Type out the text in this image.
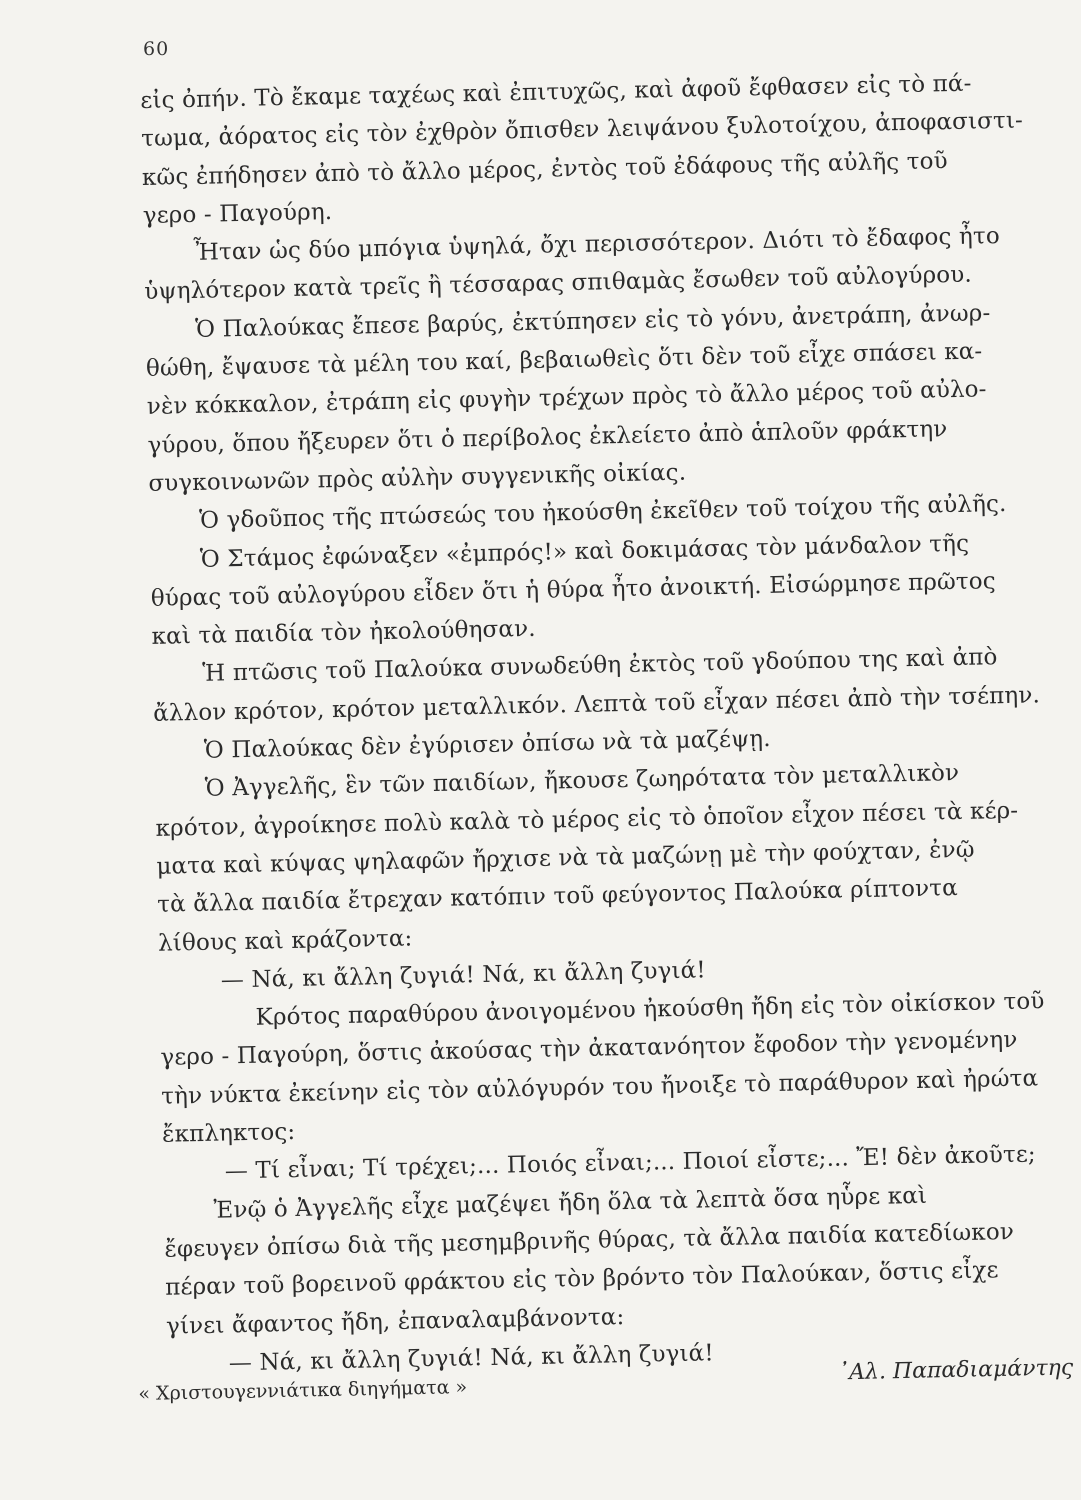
60
εἰς ὀπήν. Τὸ ἔκαμε ταχέως καὶ ἐπιτυχῶς, καὶ ἀφοῦ ἔφθασεν εἰς τὸ πά-
τωμα, ἀόρατος εἰς τὸν ἐχθρὸν ὄπισθεν λειψάνου ξυλοτοίχου, ἀποφασιστι-
κῶς ἐπήδησεν ἀπὸ τὸ ἄλλο μέρος, ἐντὸς τοῦ ἐδάφους τῆς αὐλῆς τοῦ
γερο - Παγούρη.
Ἦταν ὡς δύο μπόγια ὑψηλά, ὄχι περισσότερον. Διότι τὸ ἔδαφος ἦτο
ὑψηλότερον κατὰ τρεῖς ἢ τέσσαρας σπιθαμὰς ἔσωθεν τοῦ αὐλογύρου.
Ὁ Παλούκας ἔπεσε βαρύς, ἐκτύπησεν εἰς τὸ γόνυ, ἀνετράπη, ἀνωρ-
θώθη, ἔψαυσε τὰ μέλη του καί, βεβαιωθεὶς ὅτι δὲν τοῦ εἶχε σπάσει κα-
νὲν κόκκαλον, ἐτράπη εἰς φυγὴν τρέχων πρὸς τὸ ἄλλο μέρος τοῦ αὐλο-
γύρου, ὅπου ἤξευρεν ὅτι ὁ περίβολος ἐκλείετο ἀπὸ ἁπλοῦν φράκτην
συγκοινωνῶν πρὸς αὐλὴν συγγενικῆς οἰκίας.
Ὁ γδοῦπος τῆς πτώσεώς του ἠκούσθη ἐκεῖθεν τοῦ τοίχου τῆς αὐλῆς.
Ὁ Στάμος ἐφώναξεν «ἐμπρός!» καὶ δοκιμάσας τὸν μάνδαλον τῆς
θύρας τοῦ αὐλογύρου εἶδεν ὅτι ἡ θύρα ἦτο ἀνοικτή. Εἰσώρμησε πρῶτος
καὶ τὰ παιδία τὸν ἠκολούθησαν.
Ἡ πτῶσις τοῦ Παλούκα συνωδεύθη ἐκτὸς τοῦ γδούπου της καὶ ἀπὸ
ἄλλον κρότον, κρότον μεταλλικόν. Λεπτὰ τοῦ εἶχαν πέσει ἀπὸ τὴν τσέπην.
Ὁ Παλούκας δὲν ἐγύρισεν ὀπίσω νὰ τὰ μαζέψῃ.
Ὁ Ἀγγελῆς, ἓν τῶν παιδίων, ἤκουσε ζωηρότατα τὸν μεταλλικὸν
κρότον, ἀγροίκησε πολὺ καλὰ τὸ μέρος εἰς τὸ ὁποῖον εἶχον πέσει τὰ κέρ-
ματα καὶ κύψας ψηλαφῶν ἤρχισε νὰ τὰ μαζώνῃ μὲ τὴν φούχταν, ἐνῷ
τὰ ἄλλα παιδία ἔτρεχαν κατόπιν τοῦ φεύγοντος Παλούκα ρίπτοντα
λίθους καὶ κράζοντα:
— Νά, κι ἄλλη ζυγιά! Νά, κι ἄλλη ζυγιά!
Κρότος παραθύρου ἀνοιγομένου ἠκούσθη ἤδη εἰς τὸν οἰκίσκον τοῦ
γερο - Παγούρη, ὅστις ἀκούσας τὴν ἀκατανόητον ἔφοδον τὴν γενομένην
τὴν νύκτα ἐκείνην εἰς τὸν αὐλόγυρόν του ἤνοιξε τὸ παράθυρον καὶ ἠρώτα
ἔκπληκτος:
— Τί εἶναι; Τί τρέχει;... Ποιός εἶναι;... Ποιοί εἶστε;... Ἔ! δὲν ἀκοῦτε;
Ἐνῷ ὁ Ἀγγελῆς εἶχε μαζέψει ἤδη ὅλα τὰ λεπτὰ ὅσα ηὗρε καὶ
ἔφευγεν ὀπίσω διὰ τῆς μεσημβρινῆς θύρας, τὰ ἄλλα παιδία κατεδίωκον
πέραν τοῦ βορεινοῦ φράκτου εἰς τὸν βρόντο τὸν Παλούκαν, ὅστις εἶχε
γίνει ἄφαντος ἤδη, ἐπαναλαμβάνοντα:
— Νά, κι ἄλλη ζυγιά! Νά, κι ἄλλη ζυγιά!
« Χριστουγεννιάτικα διηγήματα »
᾿Αλ. Παπαδιαμάντης
